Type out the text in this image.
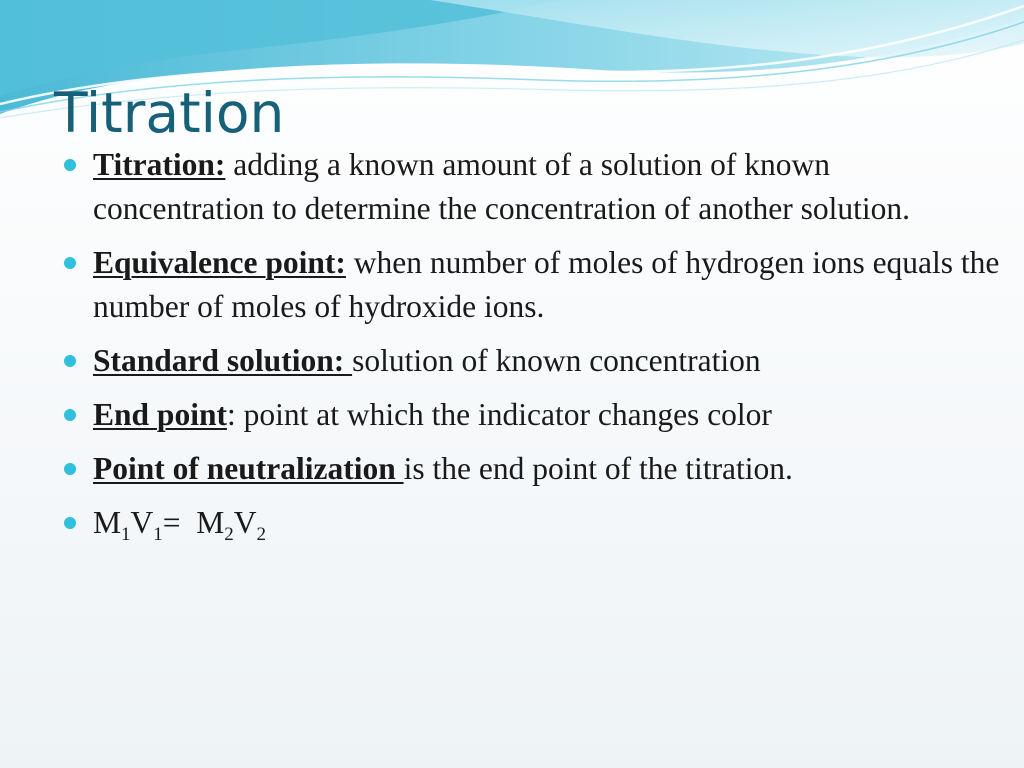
Titration
Titration: adding a known amount of a solution of known concentration to determine the concentration of another solution.
Equivalence point: when number of moles of hydrogen ions equals the number of moles of hydroxide ions.
Standard solution: solution of known concentration
End point: point at which the indicator changes color
Point of neutralization is the end point of the titration.
$M_1V_1= M_2V_2$
